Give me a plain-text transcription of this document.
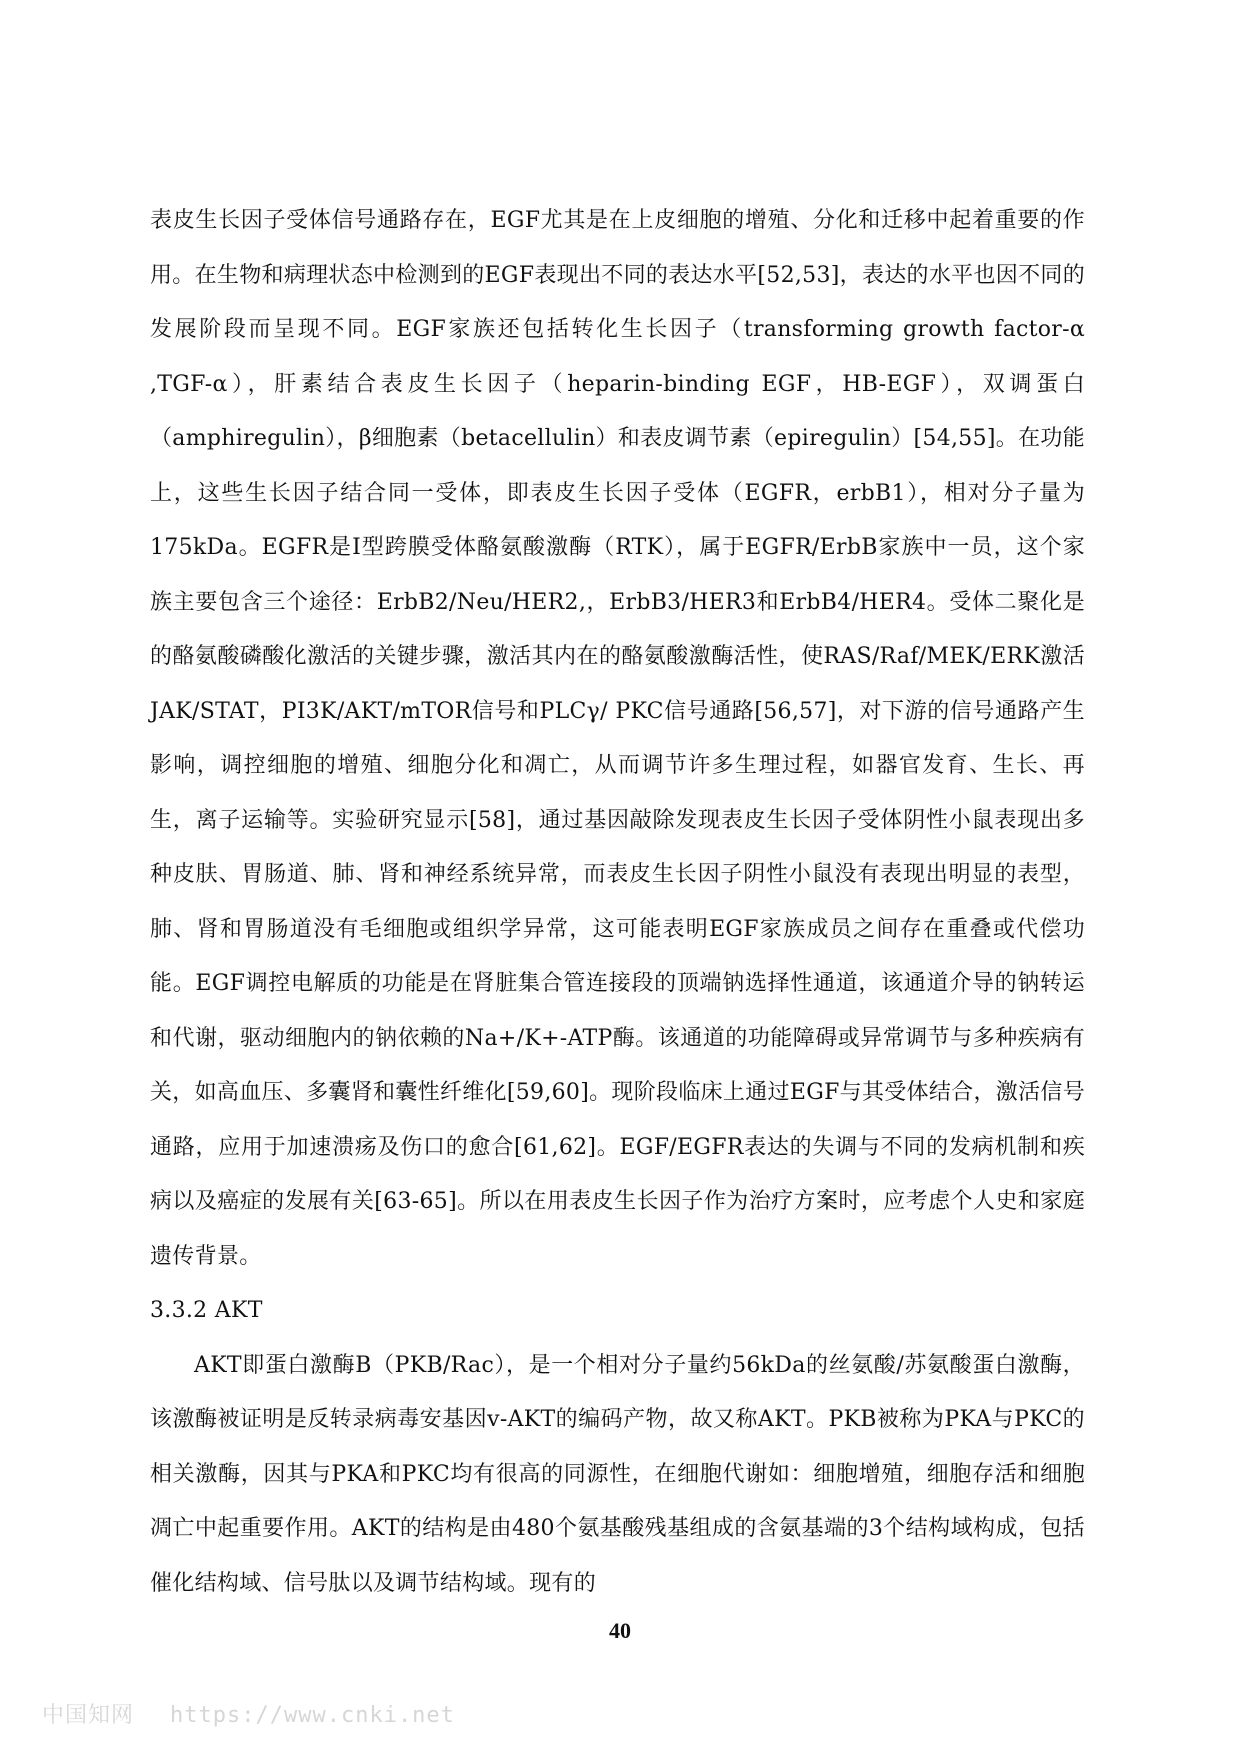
表皮生长因子受体信号通路存在，EGF尤其是在上皮细胞的增殖、分化和迁移中起着重要的作用。在生物和病理状态中检测到的EGF表现出不同的表达水平[52,53]，表达的水平也因不同的发展阶段而呈现不同。EGF家族还包括转化生长因子（transforming growth factor-α ,TGF-α），肝素结合表皮生长因子（heparin-binding EGF，HB-EGF），双调蛋白（amphiregulin），β细胞素（betacellulin）和表皮调节素（epiregulin）[54,55]。在功能上，这些生长因子结合同一受体，即表皮生长因子受体（EGFR，erbB1），相对分子量为175kDa。EGFR是I型跨膜受体酪氨酸激酶（RTK），属于EGFR/ErbB家族中一员，这个家族主要包含三个途径：ErbB2/Neu/HER2,，ErbB3/HER3和ErbB4/HER4。受体二聚化是的酪氨酸磷酸化激活的关键步骤，激活其内在的酪氨酸激酶活性，使RAS/Raf/MEK/ERK激活JAK/STAT，PI3K/AKT/mTOR信号和PLCγ/ PKC信号通路[56,57]，对下游的信号通路产生影响，调控细胞的增殖、细胞分化和凋亡，从而调节许多生理过程，如器官发育、生长、再生，离子运输等。实验研究显示[58]，通过基因敲除发现表皮生长因子受体阴性小鼠表现出多种皮肤、胃肠道、肺、肾和神经系统异常，而表皮生长因子阴性小鼠没有表现出明显的表型，肺、肾和胃肠道没有毛细胞或组织学异常，这可能表明EGF家族成员之间存在重叠或代偿功能。EGF调控电解质的功能是在肾脏集合管连接段的顶端钠选择性通道，该通道介导的钠转运和代谢，驱动细胞内的钠依赖的Na+/K+-ATP酶。该通道的功能障碍或异常调节与多种疾病有关，如高血压、多囊肾和囊性纤维化[59,60]。现阶段临床上通过EGF与其受体结合，激活信号通路，应用于加速溃疡及伤口的愈合[61,62]。EGF/EGFR表达的失调与不同的发病机制和疾病以及癌症的发展有关[63-65]。所以在用表皮生长因子作为治疗方案时，应考虑个人史和家庭遗传背景。

3.3.2 AKT

AKT即蛋白激酶B（PKB/Rac），是一个相对分子量约56kDa的丝氨酸/苏氨酸蛋白激酶，该激酶被证明是反转录病毒安基因v-AKT的编码产物，故又称AKT。PKB被称为PKA与PKC的相关激酶，因其与PKA和PKC均有很高的同源性，在细胞代谢如：细胞增殖，细胞存活和细胞凋亡中起重要作用。AKT的结构是由480个氨基酸残基组成的含氨基端的3个结构域构成，包括催化结构域、信号肽以及调节结构域。现有的

40
中国知网 https://www.cnki.net
